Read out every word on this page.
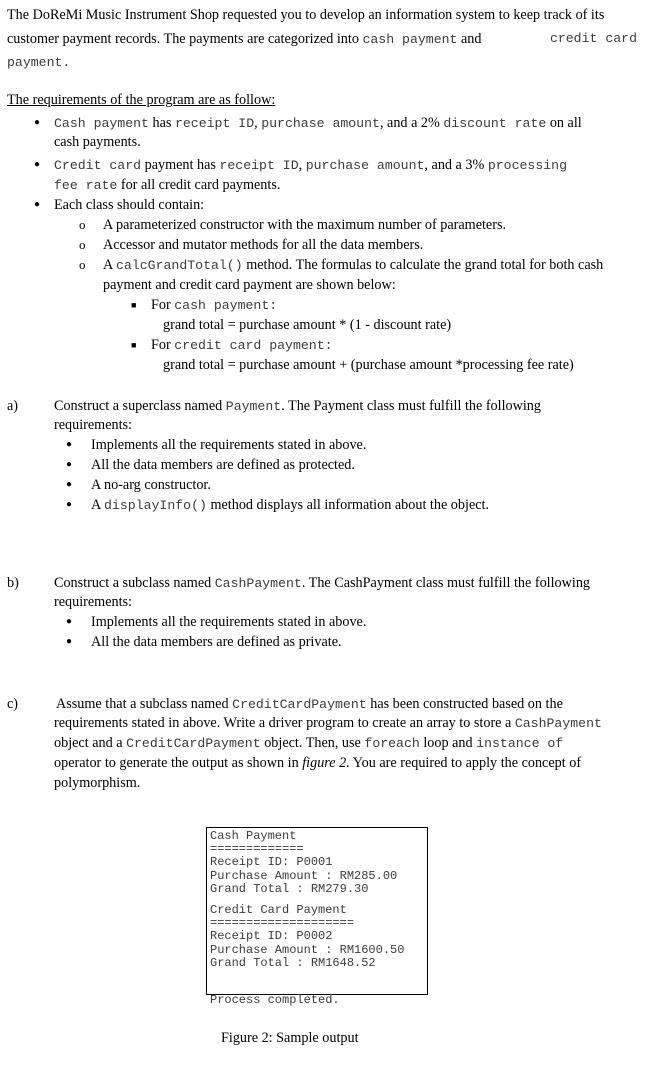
The DoReMi Music Instrument Shop requested you to develop an information system to keep track of its
customer payment records. The payments are categorized into cash payment and	credit card
payment.
The requirements of the program are as follow:
● Cash payment has receipt ID, purchase amount, and a 2% discount rate on all
cash payments.
● Credit card payment has receipt ID, purchase amount, and a 3% processing
fee rate for all credit card payments.
● Each class should contain:
o A parameterized constructor with the maximum number of parameters.
o Accessor and mutator methods for all the data members.
o A calcGrandTotal() method. The formulas to calculate the grand total for both cash
payment and credit card payment are shown below:
■ For cash payment:
grand total = purchase amount * (1 - discount rate)
■ For credit card payment:
grand total = purchase amount + (purchase amount *processing fee rate)
a)	Construct a superclass named Payment. The Payment class must fulfill the following
requirements:
● Implements all the requirements stated in above.
● All the data members are defined as protected.
● A no-arg constructor.
● A displayInfo() method displays all information about the object.
b) Construct a subclass named CashPayment. The CashPayment class must fulfill the following
requirements:
● Implements all the requirements stated in above.
● All the data members are defined as private.
c)	Assume that a subclass named CreditCardPayment has been constructed based on the
requirements stated in above. Write a driver program to create an array to store a CashPayment
object and a CreditCardPayment object. Then, use foreach loop and instance of
operator to generate the output as shown in figure 2. You are required to apply the concept of
polymorphism.
Cash Payment
=============
Receipt ID: P0001
Purchase Amount : RM285.00
Grand Total : RM279.30
Credit Card Payment
====================
Receipt ID: P0002
Purchase Amount : RM1600.50
Grand Total : RM1648.52
Process completed.
Figure 2: Sample output
